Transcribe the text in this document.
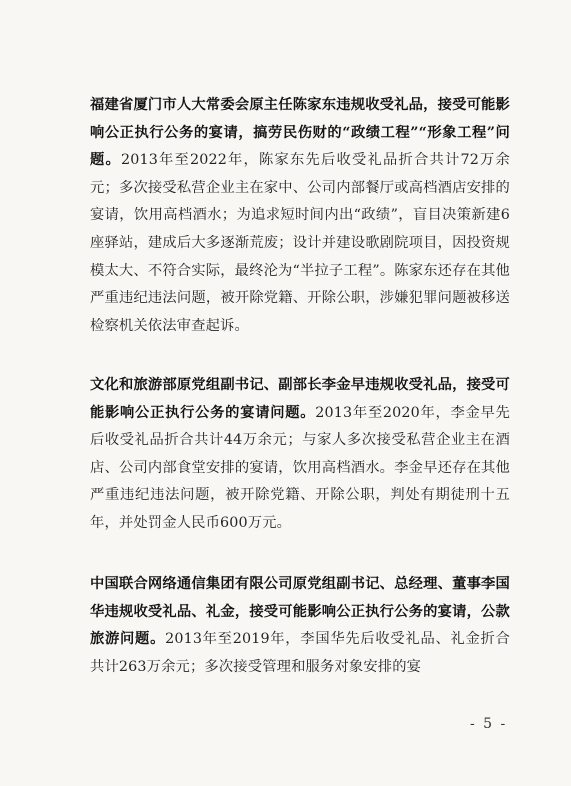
福建省厦门市人大常委会原主任陈家东违规收受礼品，接受可能影响公正执行公务的宴请，搞劳民伤财的“政绩工程”“形象工程”问题。2013年至2022年，陈家东先后收受礼品折合共计72万余元；多次接受私营企业主在家中、公司内部餐厅或高档酒店安排的宴请，饮用高档酒水；为追求短时间内出“政绩”，盲目决策新建6座驿站，建成后大多逐渐荒废；设计并建设歌剧院项目，因投资规模太大、不符合实际，最终沦为“半拉子工程”。陈家东还存在其他严重违纪违法问题，被开除党籍、开除公职，涉嫌犯罪问题被移送检察机关依法审查起诉。

文化和旅游部原党组副书记、副部长李金早违规收受礼品，接受可能影响公正执行公务的宴请问题。2013年至2020年，李金早先后收受礼品折合共计44万余元；与家人多次接受私营企业主在酒店、公司内部食堂安排的宴请，饮用高档酒水。李金早还存在其他严重违纪违法问题，被开除党籍、开除公职，判处有期徒刑十五年，并处罚金人民币600万元。

中国联合网络通信集团有限公司原党组副书记、总经理、董事李国华违规收受礼品、礼金，接受可能影响公正执行公务的宴请，公款旅游问题。2013年至2019年，李国华先后收受礼品、礼金折合共计263万余元；多次接受管理和服务对象安排的宴

- 5 -
